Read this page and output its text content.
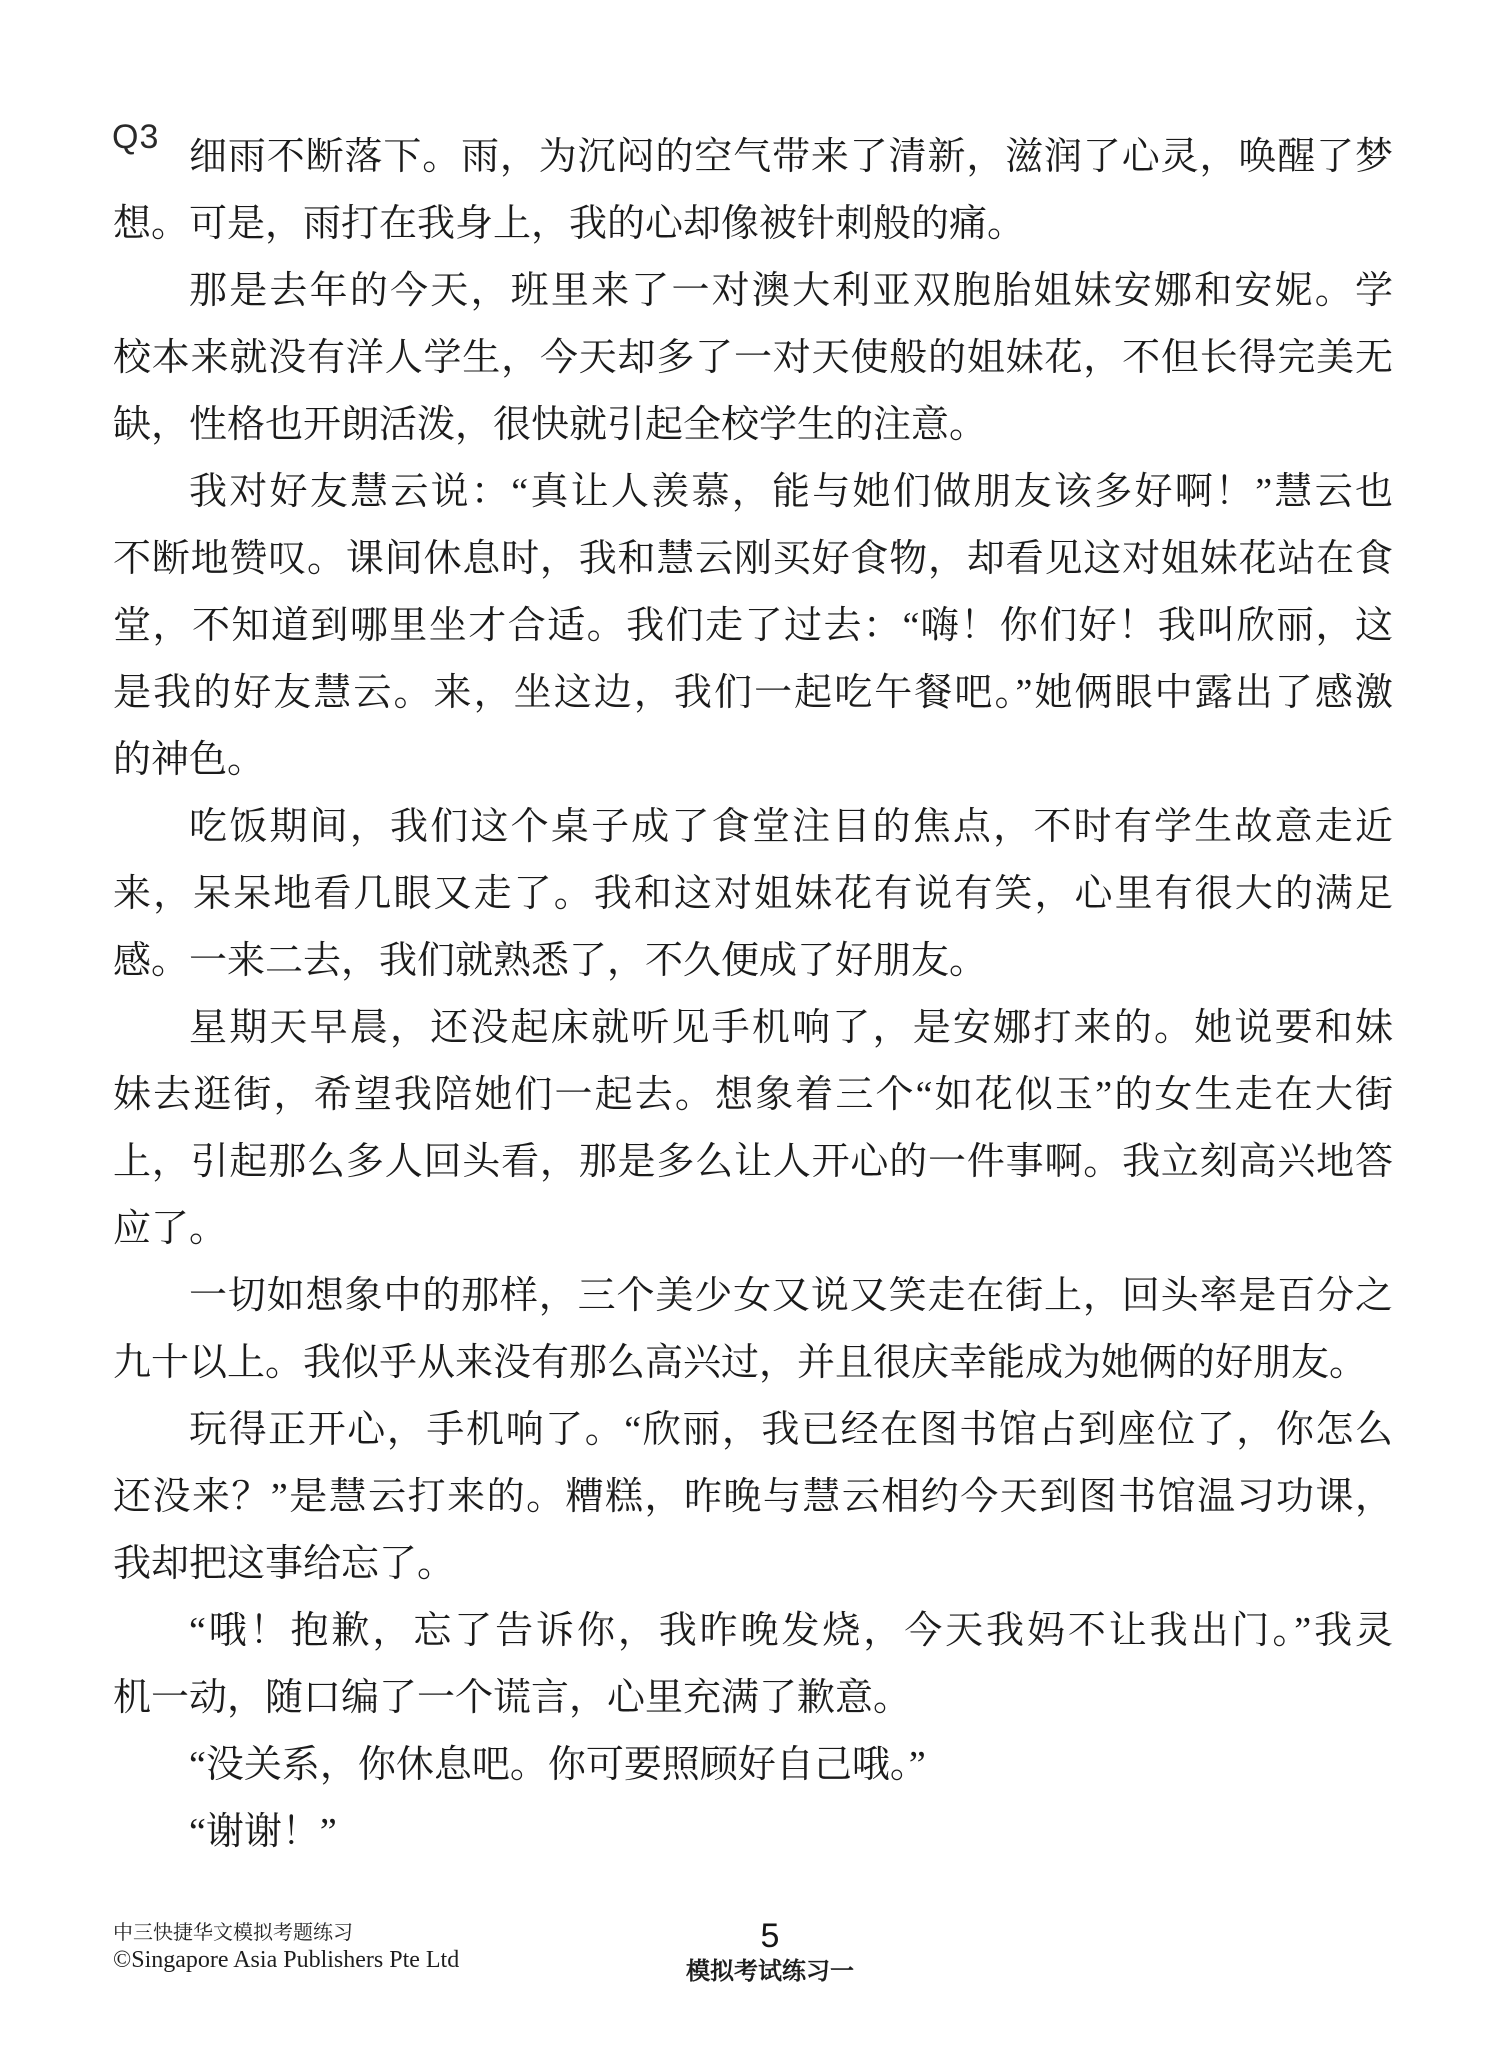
Q3 细雨不断落下。雨，为沉闷的空气带来了清新，滋润了心灵，唤醒了梦
想。可是，雨打在我身上，我的心却像被针刺般的痛。
那是去年的今天，班里来了一对澳大利亚双胞胎姐妹安娜和安妮。学
校本来就没有洋人学生，今天却多了一对天使般的姐妹花，不但长得完美无
缺，性格也开朗活泼，很快就引起全校学生的注意。
我对好友慧云说：“真让人羡慕，能与她们做朋友该多好啊！”慧云也
不断地赞叹。课间休息时，我和慧云刚买好食物，却看见这对姐妹花站在食
堂，不知道到哪里坐才合适。我们走了过去：“嗨！你们好！我叫欣丽，这
是我的好友慧云。来，坐这边，我们一起吃午餐吧。”她俩眼中露出了感激
的神色。
吃饭期间，我们这个桌子成了食堂注目的焦点，不时有学生故意走近
来，呆呆地看几眼又走了。我和这对姐妹花有说有笑，心里有很大的满足
感。一来二去，我们就熟悉了，不久便成了好朋友。
星期天早晨，还没起床就听见手机响了，是安娜打来的。她说要和妹
妹去逛街，希望我陪她们一起去。想象着三个“如花似玉”的女生走在大街
上，引起那么多人回头看，那是多么让人开心的一件事啊。我立刻高兴地答
应了。
一切如想象中的那样，三个美少女又说又笑走在街上，回头率是百分之
九十以上。我似乎从来没有那么高兴过，并且很庆幸能成为她俩的好朋友。
玩得正开心，手机响了。“欣丽，我已经在图书馆占到座位了，你怎么
还没来？”是慧云打来的。糟糕，昨晚与慧云相约今天到图书馆温习功课，
我却把这事给忘了。
“哦！抱歉，忘了告诉你，我昨晚发烧，今天我妈不让我出门。”我灵
机一动，随口编了一个谎言，心里充满了歉意。
“没关系，你休息吧。你可要照顾好自己哦。”
“谢谢！”
中三快捷华文模拟考题练习
©Singapore Asia Publishers Pte Ltd
5
模拟考试练习一
